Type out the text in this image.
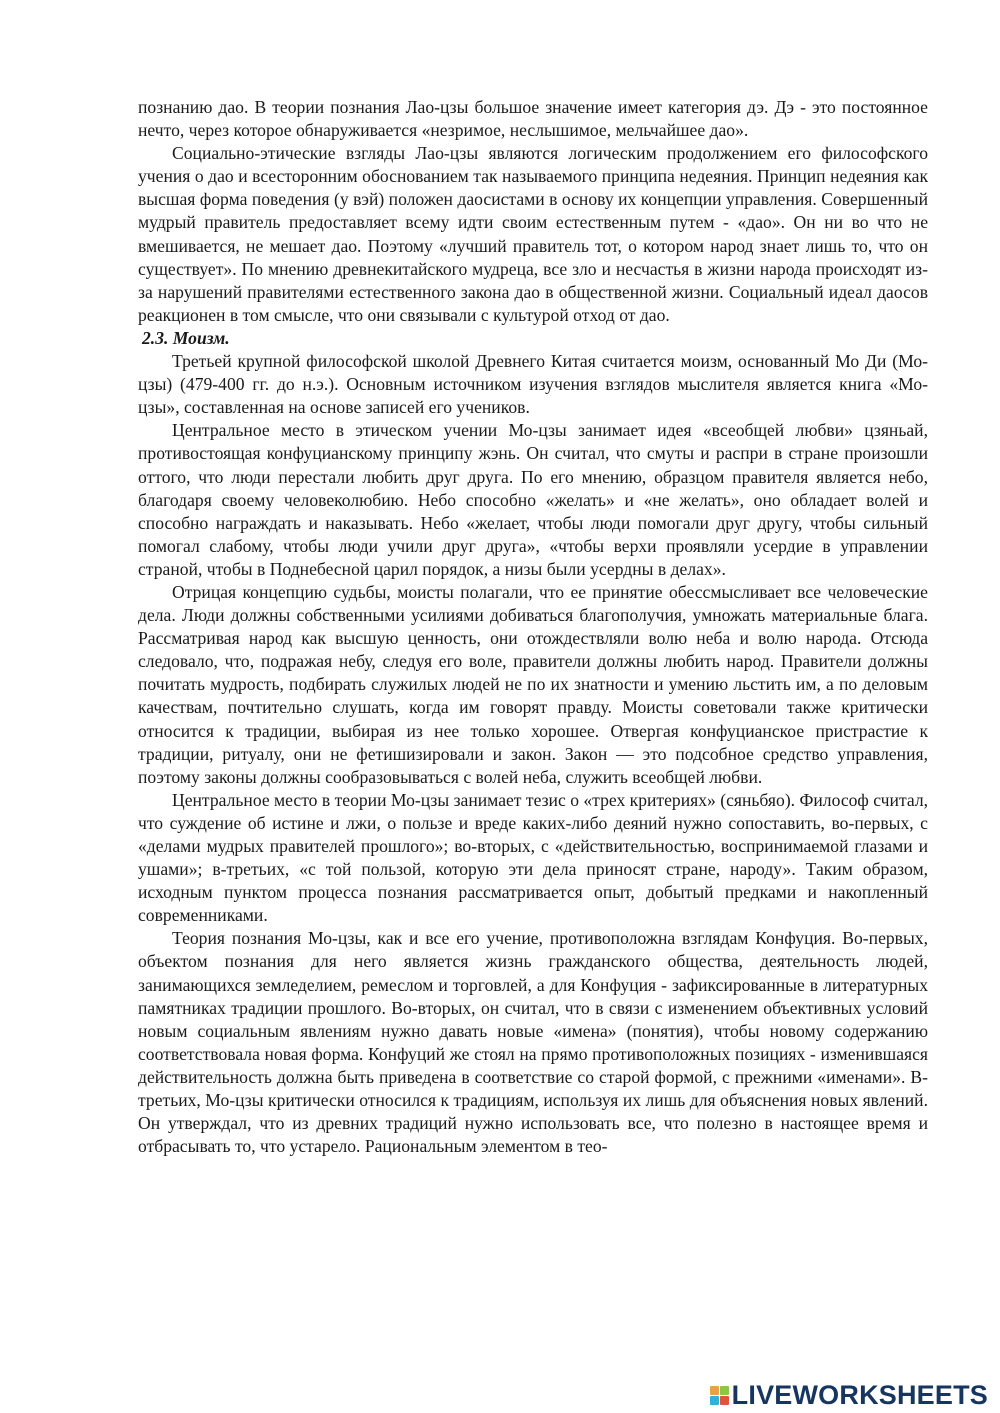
познанию дао. В теории познания Лао-цзы большое значение имеет категория дэ. Дэ - это постоянное нечто, через которое обнаруживается «незримое, неслышимое, мельчайшее дао».

Социально-этические взгляды Лао-цзы являются логическим продолжением его философского учения о дао и всесторонним обоснованием так называемого принципа недеяния. Принцип недеяния как высшая форма поведения (у вэй) положен даосистами в основу их концепции управления. Совершенный мудрый правитель предоставляет всему идти своим естественным путем - «дао». Он ни во что не вмешивается, не мешает дао. Поэтому «лучший правитель тот, о котором народ знает лишь то, что он существует». По мнению древнекитайского мудреца, все зло и несчастья в жизни народа происходят из-за нарушений правителями естественного закона дао в общественной жизни. Социальный идеал даосов реакционен в том смысле, что они связывали с культурой отход от дао.

2.3. Моизм.

Третьей крупной философской школой Древнего Китая считается моизм, основанный Мо Ди (Мо-цзы) (479-400 гг. до н.э.). Основным источником изучения взглядов мыслителя является книга «Мо-цзы», составленная на основе записей его учеников.

Центральное место в этическом учении Мо-цзы занимает идея «всеобщей любви» цзяньай, противостоящая конфуцианскому принципу жэнь. Он считал, что смуты и распри в стране произошли оттого, что люди перестали любить друг друга. По его мнению, образцом правителя является небо, благодаря своему человеколюбию. Небо способно «желать» и «не желать», оно обладает волей и способно награждать и наказывать. Небо «желает, чтобы люди помогали друг другу, чтобы сильный помогал слабому, чтобы люди учили друг друга», «чтобы верхи проявляли усердие в управлении страной, чтобы в Поднебесной царил порядок, а низы были усердны в делах».

Отрицая концепцию судьбы, моисты полагали, что ее принятие обессмысливает все человеческие дела. Люди должны собственными усилиями добиваться благополучия, умножать материальные блага. Рассматривая народ как высшую ценность, они отождествляли волю неба и волю народа. Отсюда следовало, что, подражая небу, следуя его воле, правители должны любить народ. Правители должны почитать мудрость, подбирать служилых людей не по их знатности и умению льстить им, а по деловым качествам, почтительно слушать, когда им говорят правду. Моисты советовали также критически относится к традиции, выбирая из нее только хорошее. Отвергая конфуцианское пристрастие к традиции, ритуалу, они не фетишизировали и закон. Закон — это подсобное средство управления, поэтому законы должны сообразовываться с волей неба, служить всеобщей любви.

Центральное место в теории Мо-цзы занимает тезис о «трех критериях» (сяньбяо). Философ считал, что суждение об истине и лжи, о пользе и вреде каких-либо деяний нужно сопоставить, во-первых, с «делами мудрых правителей прошлого»; во-вторых, с «действительностью, воспринимаемой глазами и ушами»; в-третьих, «с той пользой, которую эти дела приносят стране, народу». Таким образом, исходным пунктом процесса познания рассматривается опыт, добытый предками и накопленный современниками.

Теория познания Мо-цзы, как и все его учение, противоположна взглядам Конфуция. Во-первых, объектом познания для него является жизнь гражданского общества, деятельность людей, занимающихся земледелием, ремеслом и торговлей, а для Конфуция - зафиксированные в литературных памятниках традиции прошлого. Во-вторых, он считал, что в связи с изменением объективных условий новым социальным явлениям нужно давать новые «имена» (понятия), чтобы новому содержанию соответствовала новая форма. Конфуций же стоял на прямо противоположных позициях - изменившаяся действительность должна быть приведена в соответствие со старой формой, с прежними «именами». В-третьих, Мо-цзы критически относился к традициям, используя их лишь для объяснения новых явлений. Он утверждал, что из древних традиций нужно использовать все, что полезно в настоящее время и отбрасывать то, что устарело. Рациональным элементом в тео-

LIVEWORKSHEETS
